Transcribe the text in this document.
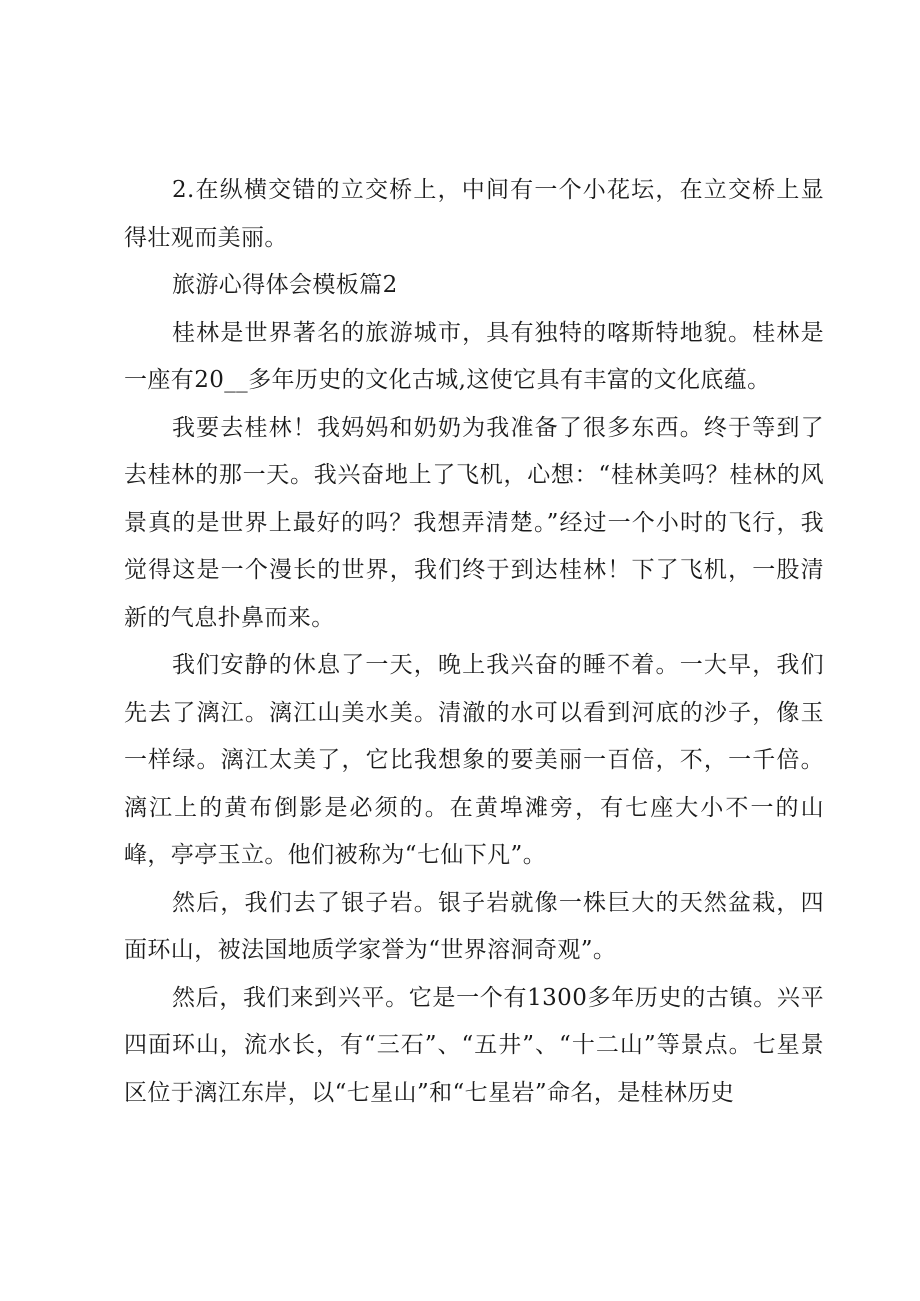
2.在纵横交错的立交桥上，中间有一个小花坛，在立交桥上显得壮观而美丽。

旅游心得体会模板篇2

桂林是世界著名的旅游城市，具有独特的喀斯特地貌。桂林是一座有20__多年历史的文化古城,这使它具有丰富的文化底蕴。

我要去桂林！我妈妈和奶奶为我准备了很多东西。终于等到了去桂林的那一天。我兴奋地上了飞机，心想：“桂林美吗？桂林的风景真的是世界上最好的吗？我想弄清楚。”经过一个小时的飞行，我觉得这是一个漫长的世界，我们终于到达桂林！下了飞机，一股清新的气息扑鼻而来。

我们安静的休息了一天，晚上我兴奋的睡不着。一大早，我们先去了漓江。漓江山美水美。清澈的水可以看到河底的沙子，像玉一样绿。漓江太美了，它比我想象的要美丽一百倍，不，一千倍。漓江上的黄布倒影是必须的。在黄埠滩旁，有七座大小不一的山峰，亭亭玉立。他们被称为“七仙下凡”。

然后，我们去了银子岩。银子岩就像一株巨大的天然盆栽，四面环山，被法国地质学家誉为“世界溶洞奇观”。

然后，我们来到兴平。它是一个有1300多年历史的古镇。兴平四面环山，流水长，有“三石”、“五井”、“十二山”等景点。七星景区位于漓江东岸，以“七星山”和“七星岩”命名，是桂林历史
